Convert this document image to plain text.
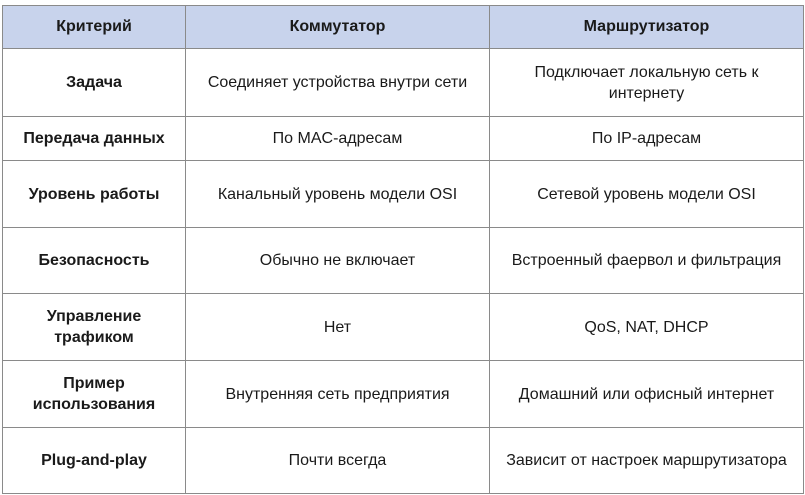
Критерий	Коммутатор	Маршрутизатор
Задача	Соединяет устройства внутри сети	Подключает локальную сеть к интернету
Передача данных	По MAC-адресам	По IP-адресам
Уровень работы	Канальный уровень модели OSI	Сетевой уровень модели OSI
Безопасность	Обычно не включает	Встроенный фаервол и фильтрация
Управление трафиком	Нет	QoS, NAT, DHCP
Пример использования	Внутренняя сеть предприятия	Домашний или офисный интернет
Plug-and-play	Почти всегда	Зависит от настроек маршрутизатора
